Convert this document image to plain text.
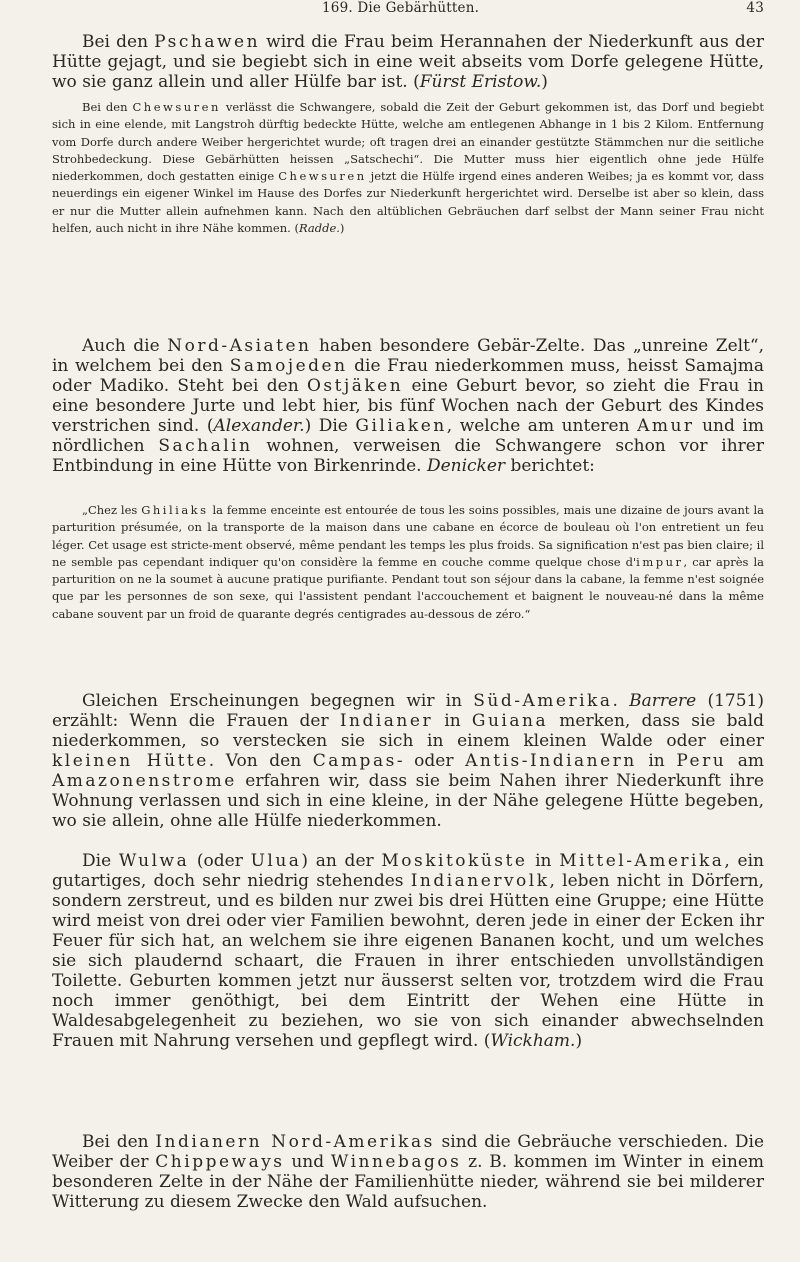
169. Die Gebärhütten.	43

Bei den Pschawen wird die Frau beim Herannahen der Niederkunft aus der Hütte gejagt, und sie begiebt sich in eine weit abseits vom Dorfe gelegene Hütte, wo sie ganz allein und aller Hülfe bar ist. (Fürst Eristow.)

Bei den Chewsuren verlässt die Schwangere, sobald die Zeit der Geburt gekommen ist, das Dorf und begiebt sich in eine elende, mit Langstroh dürftig bedeckte Hütte, welche am entlegenen Abhange in 1 bis 2 Kilom. Entfernung vom Dorfe durch andere Weiber hergerichtet wurde; oft tragen drei an einander gestützte Stämmchen nur die seitliche Strohbedeckung. Diese Gebärhütten heissen „Satschechi“. Die Mutter muss hier eigentlich ohne jede Hülfe niederkommen, doch gestatten einige Chewsuren jetzt die Hülfe irgend eines anderen Weibes; ja es kommt vor, dass neuerdings ein eigener Winkel im Hause des Dorfes zur Niederkunft hergerichtet wird. Derselbe ist aber so klein, dass er nur die Mutter allein aufnehmen kann. Nach den altüblichen Gebräuchen darf selbst der Mann seiner Frau nicht helfen, auch nicht in ihre Nähe kommen. (Radde.)

Auch die Nord-Asiaten haben besondere Gebär-Zelte. Das „unreine Zelt“, in welchem bei den Samojeden die Frau niederkommen muss, heisst Samajma oder Madiko. Steht bei den Ostjäken eine Geburt bevor, so zieht die Frau in eine besondere Jurte und lebt hier, bis fünf Wochen nach der Geburt des Kindes verstrichen sind. (Alexander.) Die Giliaken, welche am unteren Amur und im nördlichen Sachalin wohnen, verweisen die Schwangere schon vor ihrer Entbindung in eine Hütte von Birkenrinde. Denicker berichtet:

„Chez les Ghiliaks la femme enceinte est entourée de tous les soins possibles, mais une dizaine de jours avant la parturition présumée, on la transporte de la maison dans une cabane en écorce de bouleau où l'on entretient un feu léger. Cet usage est stricte-ment observé, même pendant les temps les plus froids. Sa signification n'est pas bien claire; il ne semble pas cependant indiquer qu'on considère la femme en couche comme quelque chose d'impur, car après la parturition on ne la soumet à aucune pratique purifiante. Pendant tout son séjour dans la cabane, la femme n'est soignée que par les personnes de son sexe, qui l'assistent pendant l'accouchement et baignent le nouveau-né dans la même cabane souvent par un froid de quarante degrés centigrades au-dessous de zéro.“

Gleichen Erscheinungen begegnen wir in Süd-Amerika. Barrere (1751) erzählt: Wenn die Frauen der Indianer in Guiana merken, dass sie bald niederkommen, so verstecken sie sich in einem kleinen Walde oder einer kleinen Hütte. Von den Campas- oder Antis-Indianern in Peru am Amazonenstrome erfahren wir, dass sie beim Nahen ihrer Niederkunft ihre Wohnung verlassen und sich in eine kleine, in der Nähe gelegene Hütte begeben, wo sie allein, ohne alle Hülfe niederkommen.

Die Wulwa (oder Ulua) an der Moskitoküste in Mittel-Amerika, ein gutartiges, doch sehr niedrig stehendes Indianervolk, leben nicht in Dörfern, sondern zerstreut, und es bilden nur zwei bis drei Hütten eine Gruppe; eine Hütte wird meist von drei oder vier Familien bewohnt, deren jede in einer der Ecken ihr Feuer für sich hat, an welchem sie ihre eigenen Bananen kocht, und um welches sie sich plaudernd schaart, die Frauen in ihrer entschieden unvollständigen Toilette. Geburten kommen jetzt nur äusserst selten vor, trotzdem wird die Frau noch immer genöthigt, bei dem Eintritt der Wehen eine Hütte in Waldesabgelegenheit zu beziehen, wo sie von sich einander abwechselnden Frauen mit Nahrung versehen und gepflegt wird. (Wickham.)

Bei den Indianern Nord-Amerikas sind die Gebräuche verschieden. Die Weiber der Chippeways und Winnebagos z. B. kommen im Winter in einem besonderen Zelte in der Nähe der Familienhütte nieder, während sie bei milderer Witterung zu diesem Zwecke den Wald aufsuchen.
